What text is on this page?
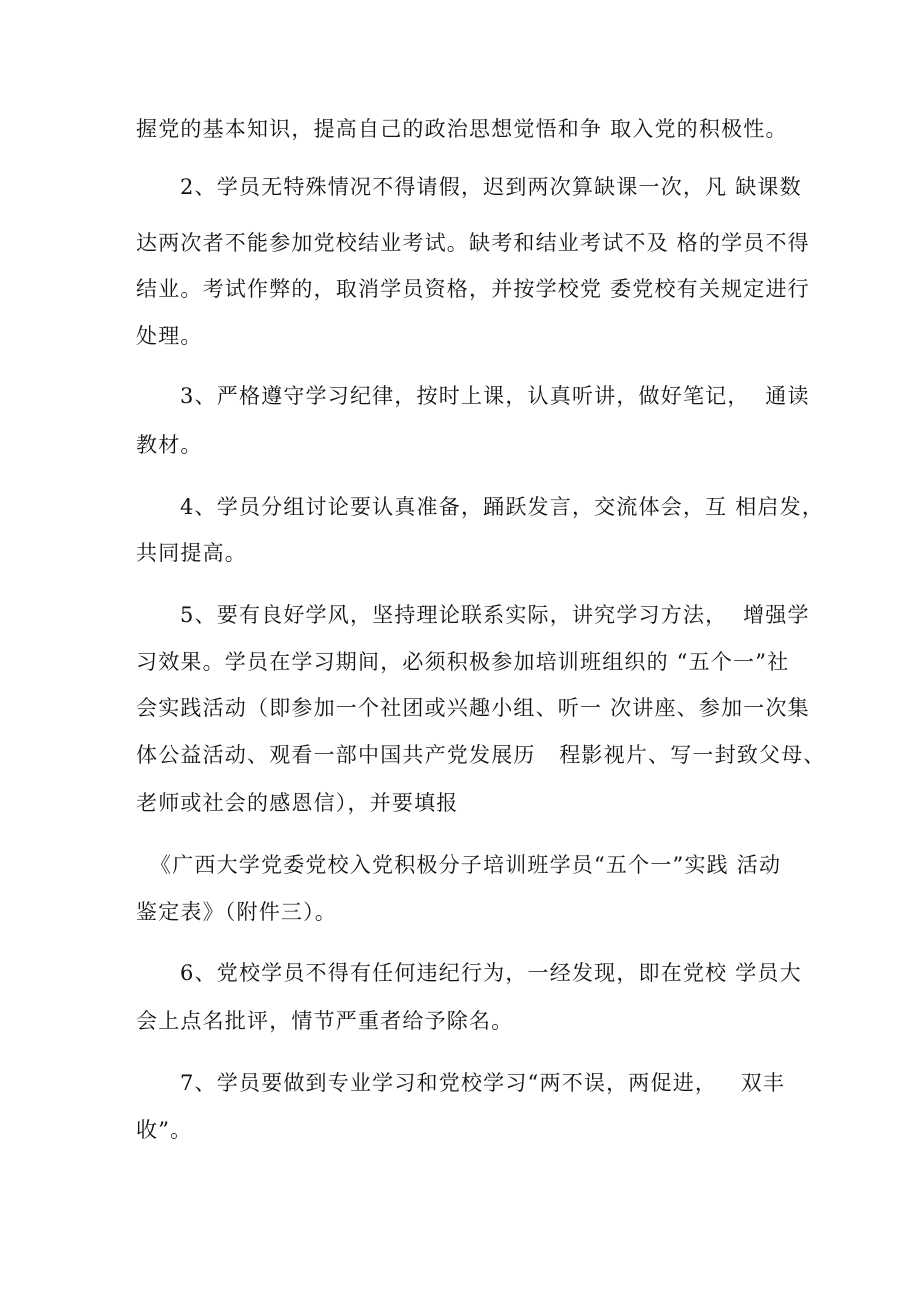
握党的基本知识，提高自己的政治思想觉悟和争 取入党的积极性。
2、学员无特殊情况不得请假，迟到两次算缺课一次，凡 缺课数
达两次者不能参加党校结业考试。缺考和结业考试不及 格的学员不得
结业。考试作弊的，取消学员资格，并按学校党 委党校有关规定进行
处理。
3、严格遵守学习纪律，按时上课，认真听讲，做好笔记，  通读
教材。
4、学员分组讨论要认真准备，踊跃发言，交流体会，互 相启发，
共同提高。
5、要有良好学风，坚持理论联系实际，讲究学习方法，  增强学
习效果。学员在学习期间，必须积极参加培训班组织的 “五个一”社
会实践活动（即参加一个社团或兴趣小组、听一 次讲座、参加一次集
体公益活动、观看一部中国共产党发展历   程影视片、写一封致父母、
老师或社会的感恩信），并要填报
《广西大学党委党校入党积极分子培训班学员“五个一”实践 活动
鉴定表》（附件三）。
6、党校学员不得有任何违纪行为，一经发现，即在党校 学员大
会上点名批评，情节严重者给予除名。
7、学员要做到专业学习和党校学习“两不误，两促进，   双丰
收”。
